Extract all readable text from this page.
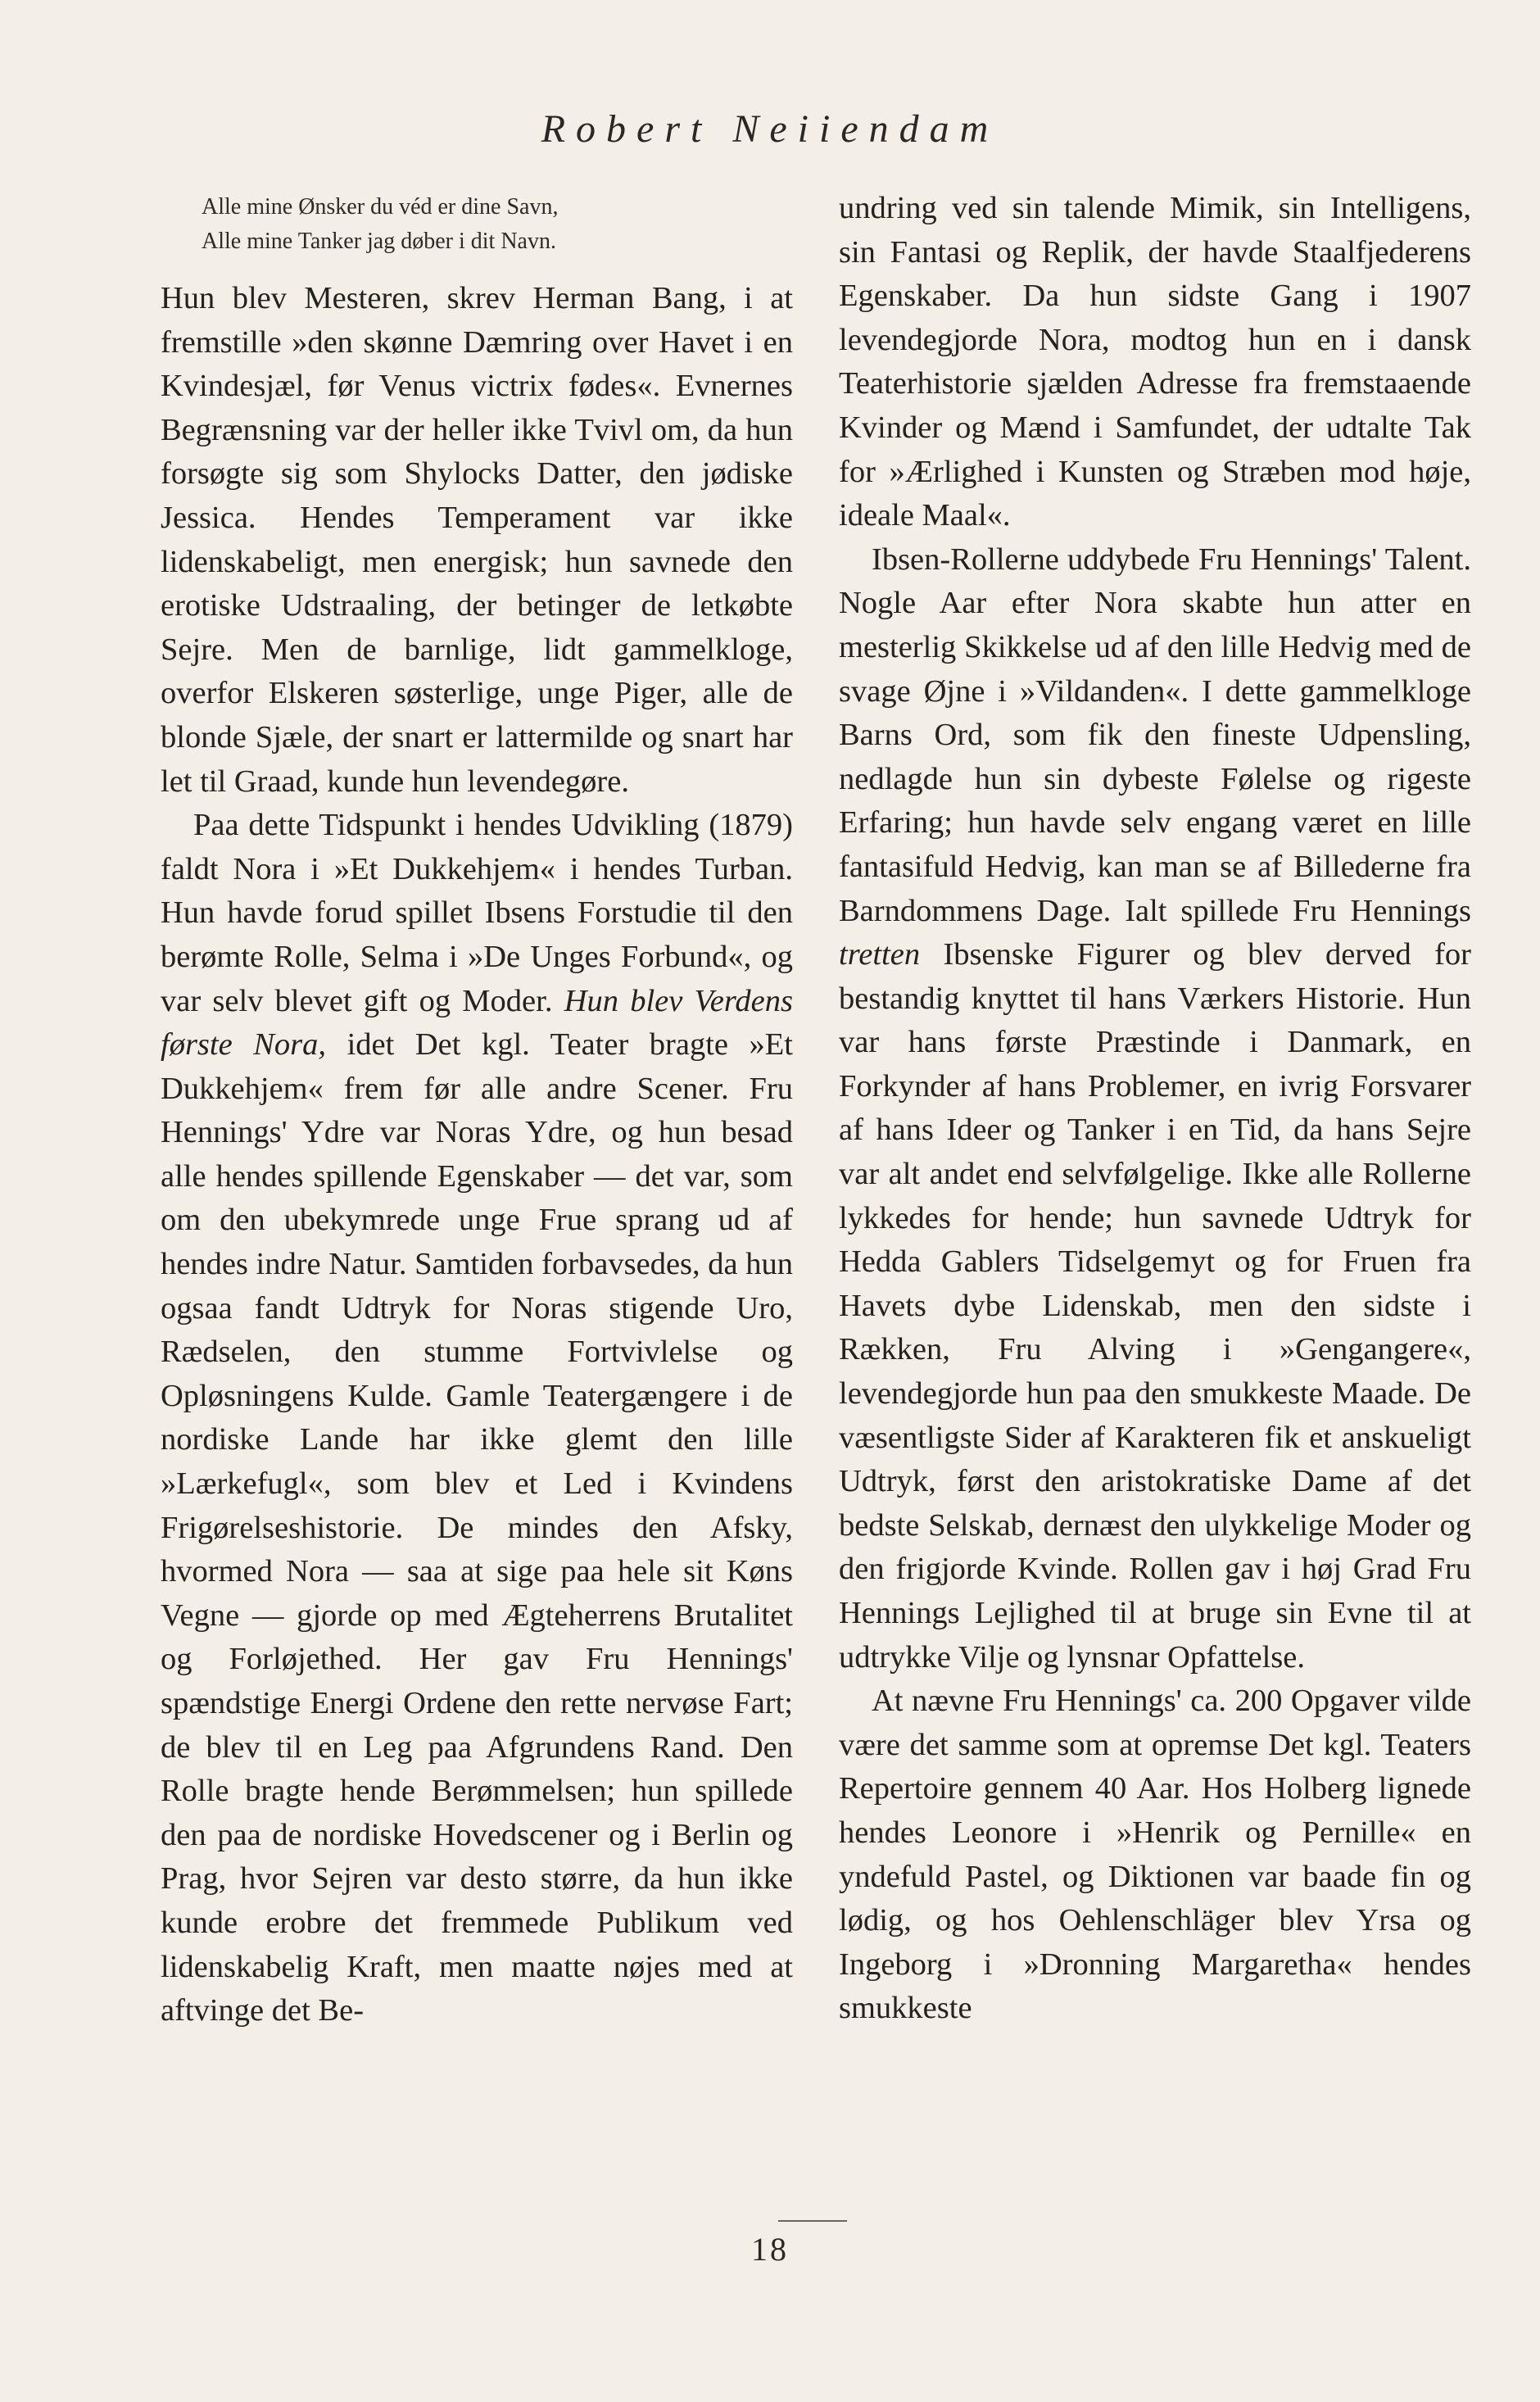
Robert Neiiendam
Alle mine Ønsker du véd er dine Savn,
Alle mine Tanker jag døber i dit Navn.

Hun blev Mesteren, skrev Herman Bang, i at fremstille »den skønne Dæmring over Havet i en Kvindesjæl, før Venus victrix fødes«. Evnernes Begrænsning var der heller ikke Tvivl om, da hun forsøgte sig som Shylocks Datter, den jødiske Jessica. Hendes Temperament var ikke lidenskabeligt, men energisk; hun savnede den erotiske Udstraaling, der betinger de letkøbte Sejre. Men de barnlige, lidt gammelkloge, overfor Elskeren søsterlige, unge Piger, alle de blonde Sjæle, der snart er lattermilde og snart har let til Graad, kunde hun levendegøre.

Paa dette Tidspunkt i hendes Udvikling (1879) faldt Nora i »Et Dukkehjem« i hendes Turban. Hun havde forud spillet Ibsens Forstudie til den berømte Rolle, Selma i »De Unges Forbund«, og var selv blevet gift og Moder. Hun blev Verdens første Nora, idet Det kgl. Teater bragte »Et Dukkehjem« frem før alle andre Scener. Fru Hennings' Ydre var Noras Ydre, og hun besad alle hendes spillende Egenskaber — det var, som om den ubekymrede unge Frue sprang ud af hendes indre Natur. Samtiden forbavsedes, da hun ogsaa fandt Udtryk for Noras stigende Uro, Rædselen, den stumme Fortvivlelse og Opløsningens Kulde. Gamle Teatergængere i de nordiske Lande har ikke glemt den lille »Lærkefugl«, som blev et Led i Kvindens Frigørelseshistorie. De mindes den Afsky, hvormed Nora — saa at sige paa hele sit Køns Vegne — gjorde op med Ægteherrens Brutalitet og Forløjethed. Her gav Fru Hennings' spændstige Energi Ordene den rette nervøse Fart; de blev til en Leg paa Afgrundens Rand. Den Rolle bragte hende Berømmelsen; hun spillede den paa de nordiske Hovedscener og i Berlin og Prag, hvor Sejren var desto større, da hun ikke kunde erobre det fremmede Publikum ved lidenskabelig Kraft, men maatte nøjes med at aftvinge det Be-

undring ved sin talende Mimik, sin Intelligens, sin Fantasi og Replik, der havde Staalfjederens Egenskaber. Da hun sidste Gang i 1907 levendegjorde Nora, modtog hun en i dansk Teaterhistorie sjælden Adresse fra fremstaaende Kvinder og Mænd i Samfundet, der udtalte Tak for »Ærlighed i Kunsten og Stræben mod høje, ideale Maal«.

Ibsen-Rollerne uddybede Fru Hennings' Talent. Nogle Aar efter Nora skabte hun atter en mesterlig Skikkelse ud af den lille Hedvig med de svage Øjne i »Vildanden«. I dette gammelkloge Barns Ord, som fik den fineste Udpensling, nedlagde hun sin dybeste Følelse og rigeste Erfaring; hun havde selv engang været en lille fantasifuld Hedvig, kan man se af Billederne fra Barndommens Dage. Ialt spillede Fru Hennings tretten Ibsenske Figurer og blev derved for bestandig knyttet til hans Værkers Historie. Hun var hans første Præstinde i Danmark, en Forkynder af hans Problemer, en ivrig Forsvarer af hans Ideer og Tanker i en Tid, da hans Sejre var alt andet end selvfølgelige. Ikke alle Rollerne lykkedes for hende; hun savnede Udtryk for Hedda Gablers Tidselgemyt og for Fruen fra Havets dybe Lidenskab, men den sidste i Rækken, Fru Alving i »Gengangere«, levendegjorde hun paa den smukkeste Maade. De væsentligste Sider af Karakteren fik et anskueligt Udtryk, først den aristokratiske Dame af det bedste Selskab, dernæst den ulykkelige Moder og den frigjorde Kvinde. Rollen gav i høj Grad Fru Hennings Lejlighed til at bruge sin Evne til at udtrykke Vilje og lynsnar Opfattelse.

At nævne Fru Hennings' ca. 200 Opgaver vilde være det samme som at opremse Det kgl. Teaters Repertoire gennem 40 Aar. Hos Holberg lignede hendes Leonore i »Henrik og Pernille« en yndefuld Pastel, og Diktionen var baade fin og lødig, og hos Oehlenschläger blev Yrsa og Ingeborg i »Dronning Margaretha« hendes smukkeste

18
